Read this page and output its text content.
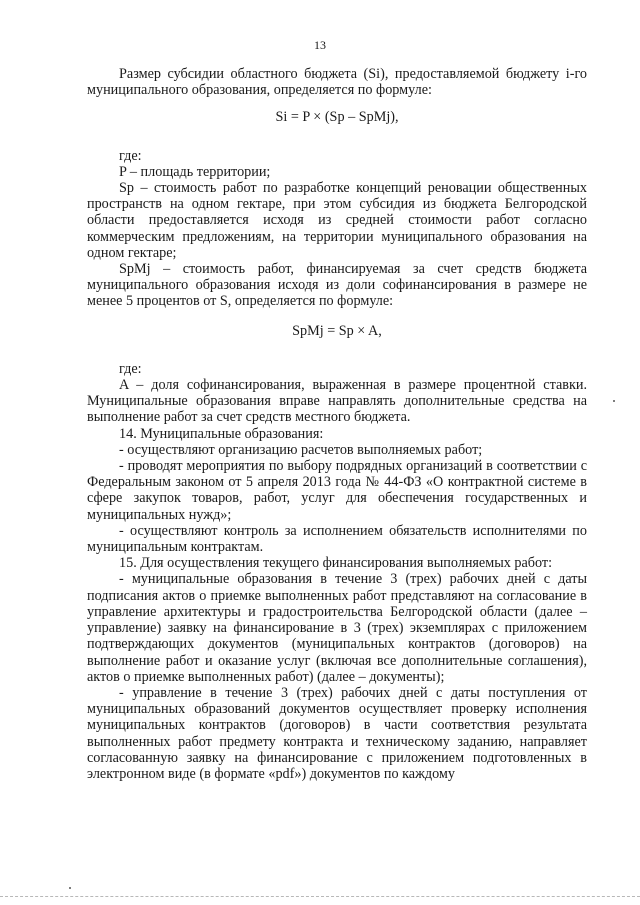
13

Размер субсидии областного бюджета (Si), предоставляемой бюджету i-го муниципального образования, определяется по формуле:

Si = P × (Sp – SpMj),

где:

P – площадь территории;

Sp – стоимость работ по разработке концепций реновации общественных пространств на одном гектаре, при этом субсидия из бюджета Белгородской области предоставляется исходя из средней стоимости работ согласно коммерческим предложениям, на территории муниципального образования на одном гектаре;

SpMj – стоимость работ, финансируемая за счет средств бюджета муниципального образования исходя из доли софинансирования в размере не менее 5 процентов от S, определяется по формуле:

SpMj = Sp × A,

где:

A – доля софинансирования, выраженная в размере процентной ставки. Муниципальные образования вправе направлять дополнительные средства на выполнение работ за счет средств местного бюджета.

14. Муниципальные образования:

- осуществляют организацию расчетов выполняемых работ;

- проводят мероприятия по выбору подрядных организаций в соответствии с Федеральным законом от 5 апреля 2013 года № 44-ФЗ «О контрактной системе в сфере закупок товаров, работ, услуг для обеспечения государственных и муниципальных нужд»;

- осуществляют контроль за исполнением обязательств исполнителями по муниципальным контрактам.

15. Для осуществления текущего финансирования выполняемых работ:

- муниципальные образования в течение 3 (трех) рабочих дней с даты подписания актов о приемке выполненных работ представляют на согласование в управление архитектуры и градостроительства Белгородской области (далее – управление) заявку на финансирование в 3 (трех) экземплярах с приложением подтверждающих документов (муниципальных контрактов (договоров) на выполнение работ и оказание услуг (включая все дополнительные соглашения), актов о приемке выполненных работ) (далее – документы);

- управление в течение 3 (трех) рабочих дней с даты поступления от муниципальных образований документов осуществляет проверку исполнения муниципальных контрактов (договоров) в части соответствия результата выполненных работ предмету контракта и техническому заданию, направляет согласованную заявку на финансирование с приложением подготовленных в электронном виде (в формате «pdf») документов по каждому
